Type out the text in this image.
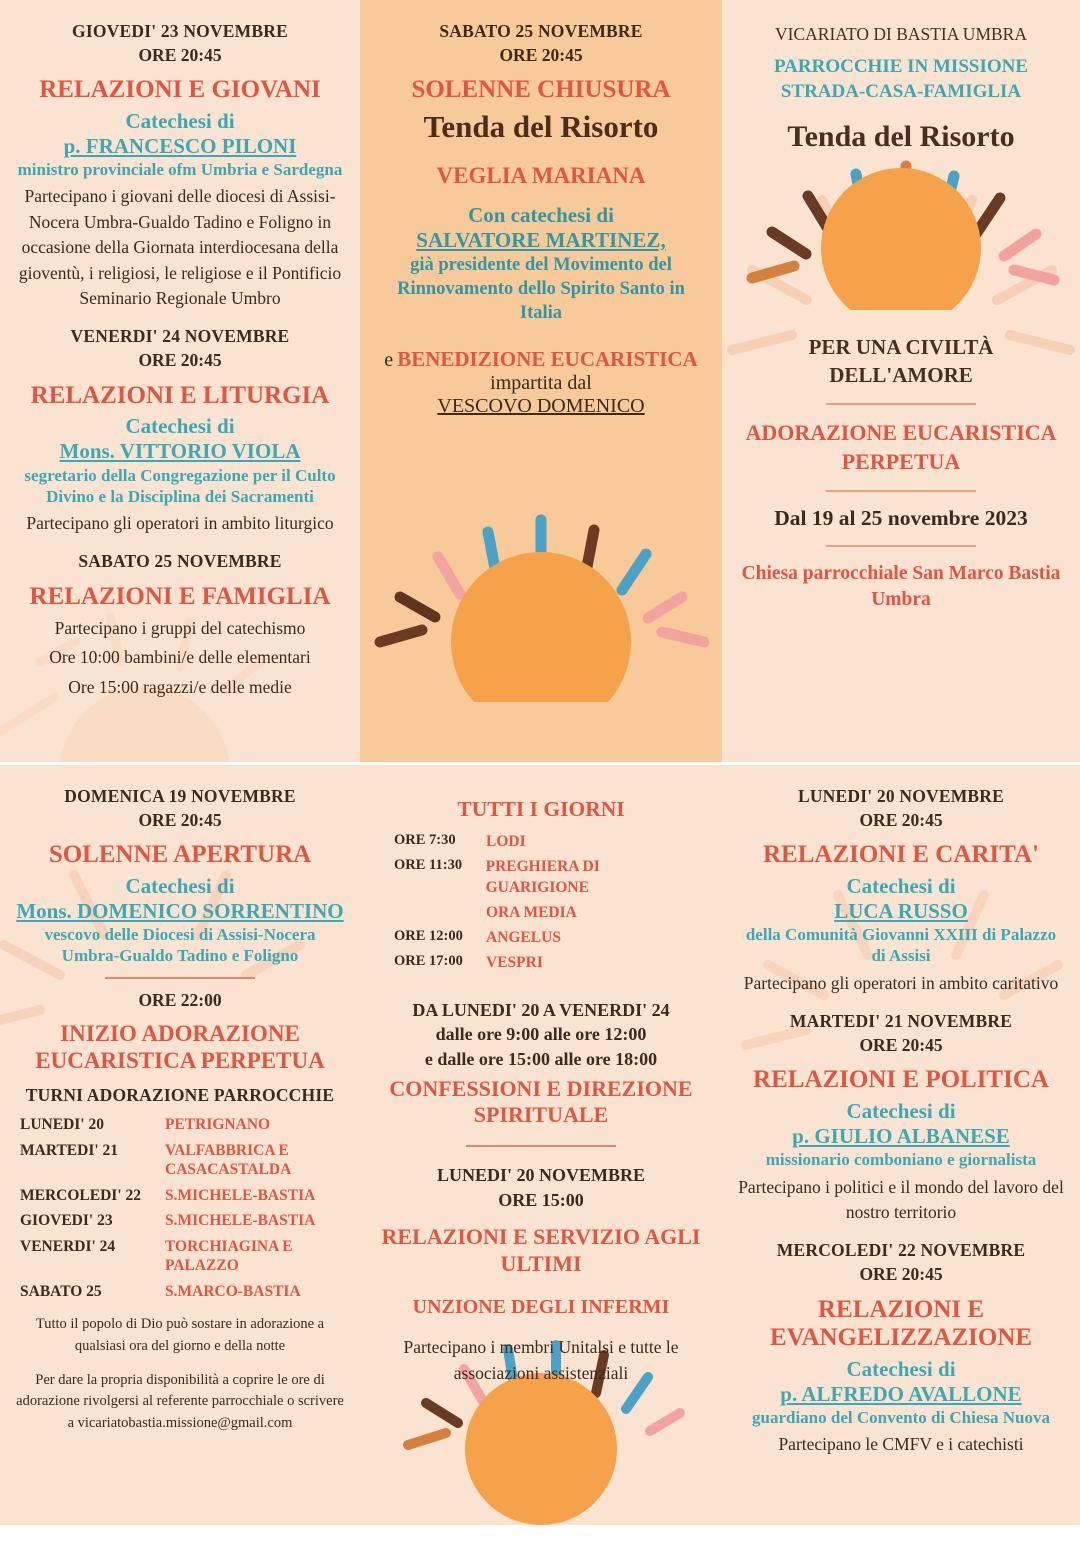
GIOVEDI' 23 NOVEMBRE
ORE 20:45
RELAZIONI E GIOVANI
Catechesi di
p. FRANCESCO PILONI
ministro provinciale ofm Umbria e Sardegna
Partecipano i giovani delle diocesi di Assisi-Nocera Umbra-Gualdo Tadino e Foligno in occasione della Giornata interdiocesana della gioventù, i religiosi, le religiose e il Pontificio Seminario Regionale Umbro
VENERDI' 24 NOVEMBRE
ORE 20:45
RELAZIONI E LITURGIA
Catechesi di
Mons. VITTORIO VIOLA
segretario della Congregazione per il Culto Divino e la Disciplina dei Sacramenti
Partecipano gli operatori in ambito liturgico
SABATO 25 NOVEMBRE
RELAZIONI E FAMIGLIA
Partecipano i gruppi del catechismo
Ore 10:00 bambini/e delle elementari
Ore 15:00 ragazzi/e delle medie
SABATO 25 NOVEMBRE
ORE 20:45
SOLENNE CHIUSURA
Tenda del Risorto
VEGLIA MARIANA
Con catechesi di
SALVATORE MARTINEZ,
già presidente del Movimento del Rinnovamento dello Spirito Santo in Italia
e BENEDIZIONE EUCARISTICA
impartita dal
VESCOVO DOMENICO
VICARIATO DI BASTIA UMBRA
PARROCCHIE IN MISSIONE
STRADA-CASA-FAMIGLIA
Tenda del Risorto
PER UNA CIVILTÀ DELL'AMORE
ADORAZIONE EUCARISTICA PERPETUA
Dal 19 al 25 novembre 2023
Chiesa parrocchiale San Marco Bastia Umbra
DOMENICA 19 NOVEMBRE
ORE 20:45
SOLENNE APERTURA
Catechesi di
Mons. DOMENICO SORRENTINO
vescovo delle Diocesi di Assisi-Nocera Umbra-Gualdo Tadino e Foligno
ORE 22:00
INIZIO ADORAZIONE EUCARISTICA PERPETUA
TURNI ADORAZIONE PARROCCHIE
LUNEDI' 20	PETRIGNANO
MARTEDI' 21	VALFABBRICA E CASACASTALDA
MERCOLEDI' 22	S.MICHELE-BASTIA
GIOVEDI' 23	S.MICHELE-BASTIA
VENERDI' 24	TORCHIAGINA E PALAZZO
SABATO 25	S.MARCO-BASTIA
Tutto il popolo di Dio può sostare in adorazione a qualsiasi ora del giorno e della notte
Per dare la propria disponibilità a coprire le ore di adorazione rivolgersi al referente parrocchiale o scrivere a vicariatobastia.missione@gmail.com
TUTTI I GIORNI
ORE 7:30	LODI
ORE 11:30	PREGHIERA DI GUARIGIONE
ORA MEDIA
ORE 12:00	ANGELUS
ORE 17:00	VESPRI
DA LUNEDI' 20 A VENERDI' 24
dalle ore 9:00 alle ore 12:00
e dalle ore 15:00 alle ore 18:00
CONFESSIONI E DIREZIONE SPIRITUALE
LUNEDI' 20 NOVEMBRE
ORE 15:00
RELAZIONI E SERVIZIO AGLI ULTIMI
UNZIONE DEGLI INFERMI
Partecipano i membri Unitalsi e tutte le associazioni assistenziali
LUNEDI' 20 NOVEMBRE
ORE 20:45
RELAZIONI E CARITA'
Catechesi di
LUCA RUSSO
della Comunità Giovanni XXIII di Palazzo di Assisi
Partecipano gli operatori in ambito caritativo
MARTEDI' 21 NOVEMBRE
ORE 20:45
RELAZIONI E POLITICA
Catechesi di
p. GIULIO ALBANESE
missionario comboniano e giornalista
Partecipano i politici e il mondo del lavoro del nostro territorio
MERCOLEDI' 22 NOVEMBRE
ORE 20:45
RELAZIONI E EVANGELIZZAZIONE
Catechesi di
p. ALFREDO AVALLONE
guardiano del Convento di Chiesa Nuova
Partecipano le CMFV e i catechisti
